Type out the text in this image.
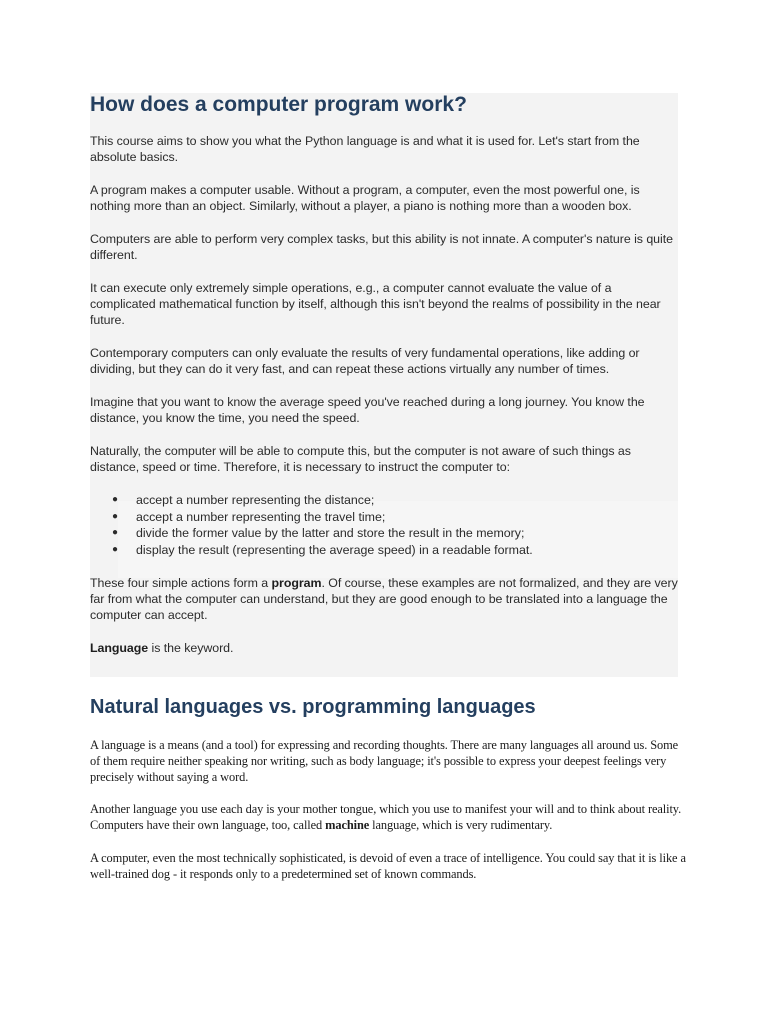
How does a computer program work?

This course aims to show you what the Python language is and what it is used for. Let's start from the absolute basics.

A program makes a computer usable. Without a program, a computer, even the most powerful one, is nothing more than an object. Similarly, without a player, a piano is nothing more than a wooden box.

Computers are able to perform very complex tasks, but this ability is not innate. A computer's nature is quite different.

It can execute only extremely simple operations, e.g., a computer cannot evaluate the value of a complicated mathematical function by itself, although this isn't beyond the realms of possibility in the near future.

Contemporary computers can only evaluate the results of very fundamental operations, like adding or dividing, but they can do it very fast, and can repeat these actions virtually any number of times.

Imagine that you want to know the average speed you've reached during a long journey. You know the distance, you know the time, you need the speed.

Naturally, the computer will be able to compute this, but the computer is not aware of such things as distance, speed or time. Therefore, it is necessary to instruct the computer to:

● accept a number representing the distance;
● accept a number representing the travel time;
● divide the former value by the latter and store the result in the memory;
● display the result (representing the average speed) in a readable format.

These four simple actions form a program. Of course, these examples are not formalized, and they are very far from what the computer can understand, but they are good enough to be translated into a language the computer can accept.

Language is the keyword.

Natural languages vs. programming languages

A language is a means (and a tool) for expressing and recording thoughts. There are many languages all around us. Some of them require neither speaking nor writing, such as body language; it's possible to express your deepest feelings very precisely without saying a word.

Another language you use each day is your mother tongue, which you use to manifest your will and to think about reality. Computers have their own language, too, called machine language, which is very rudimentary.

A computer, even the most technically sophisticated, is devoid of even a trace of intelligence. You could say that it is like a well-trained dog - it responds only to a predetermined set of known commands.
